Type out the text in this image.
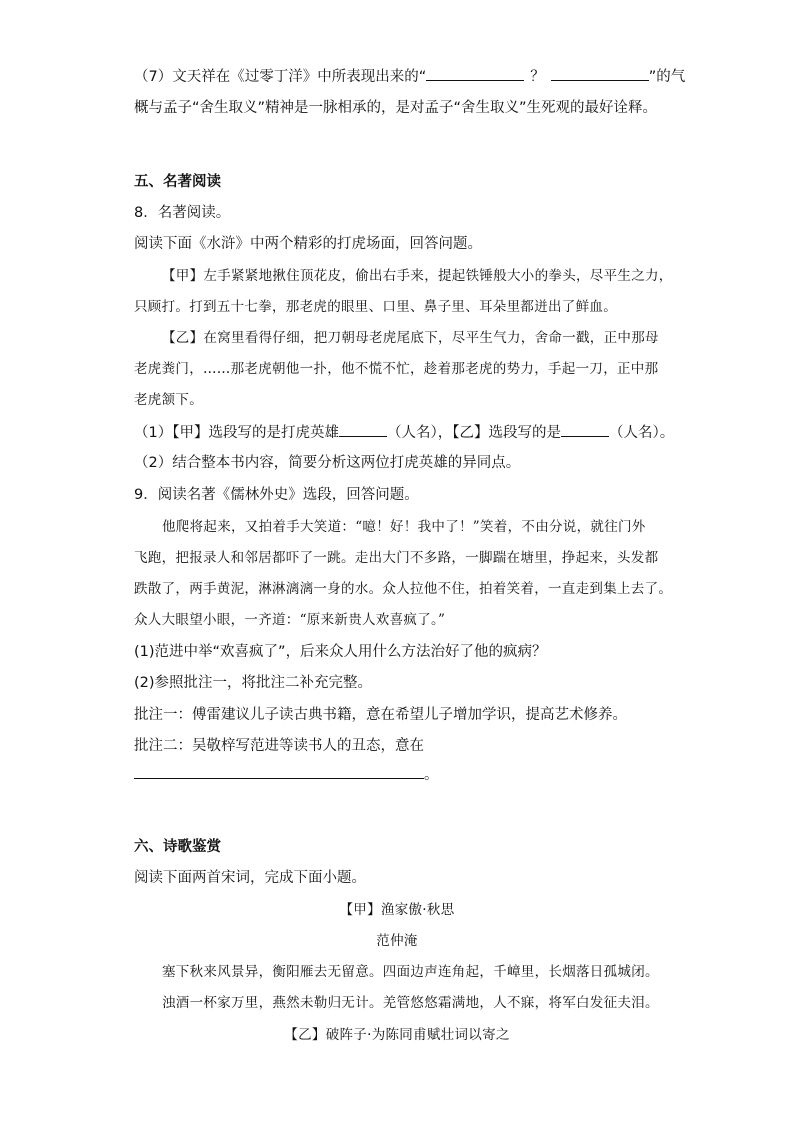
（7）文天祥在《过零丁洋》中所表现出来的“	？	”的气
概与孟子“舍生取义”精神是一脉相承的，是对孟子“舍生取义”生死观的最好诠释。
五、名著阅读
8．名著阅读。
阅读下面《水浒》中两个精彩的打虎场面，回答问题。
【甲】左手紧紧地揪住顶花皮，偷出右手来，提起铁锤般大小的拳头，尽平生之力，
只顾打。打到五十七拳，那老虎的眼里、口里、鼻子里、耳朵里都迸出了鲜血。
【乙】在窝里看得仔细，把刀朝母老虎尾底下，尽平生气力，舍命一戳，正中那母
老虎粪门，……那老虎朝他一扑，他不慌不忙，趁着那老虎的势力，手起一刀，正中那
老虎颔下。
（1）【甲】选段写的是打虎英雄	（人名），【乙】选段写的是	（人名）。
（2）结合整本书内容，简要分析这两位打虎英雄的异同点。
9．阅读名著《儒林外史》选段，回答问题。
他爬将起来，又拍着手大笑道：“噫！好！我中了！”笑着，不由分说，就往门外
飞跑，把报录人和邻居都吓了一跳。走出大门不多路，一脚踹在塘里，挣起来，头发都
跌散了，两手黄泥，淋淋漓漓一身的水。众人拉他不住，拍着笑着，一直走到集上去了。
众人大眼望小眼，一齐道：“原来新贵人欢喜疯了。”
(1)范进中举“欢喜疯了”，后来众人用什么方法治好了他的疯病？
(2)参照批注一，将批注二补充完整。
批注一：傅雷建议儿子读古典书籍，意在希望儿子增加学识，提高艺术修养。
批注二：吴敬梓写范进等读书人的丑态，意在
。
六、诗歌鉴赏
阅读下面两首宋词，完成下面小题。
【甲】渔家傲·秋思
范仲淹
塞下秋来风景异，衡阳雁去无留意。四面边声连角起，千嶂里，长烟落日孤城闭。
浊酒一杯家万里，燕然未勒归无计。羌管悠悠霜满地，人不寐，将军白发征夫泪。
【乙】破阵子·为陈同甫赋壮词以寄之
